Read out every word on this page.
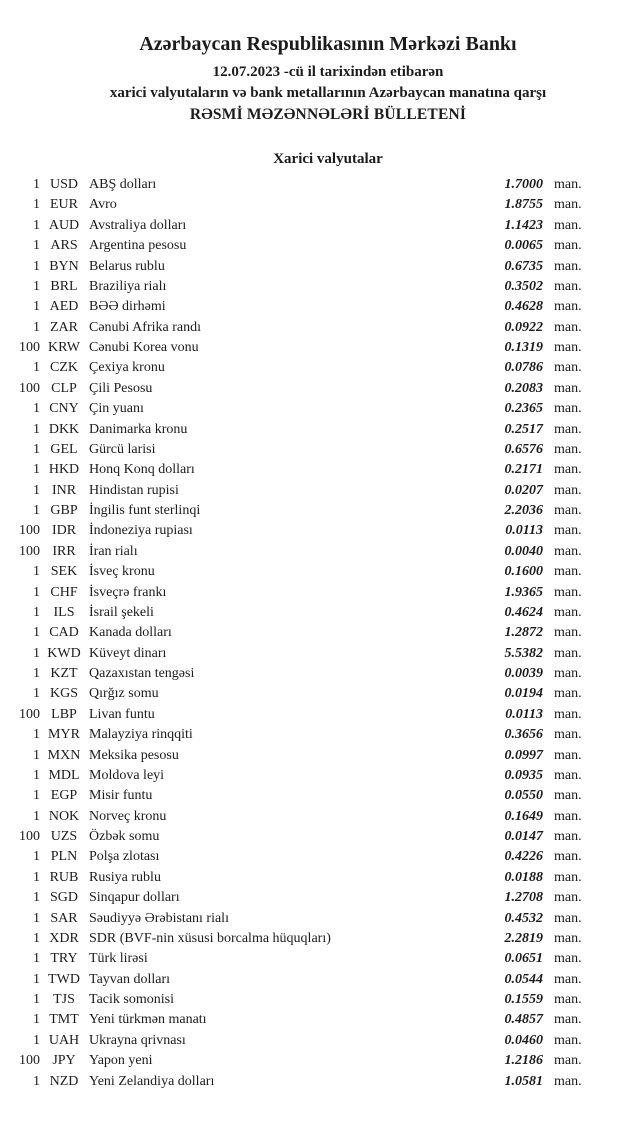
Azərbaycan Respublikasının Mərkəzi Bankı
12.07.2023 -cü il tarixindən etibarən
xarici valyutaların və bank metallarının Azərbaycan manatına qarşı
RƏSMİ MƏZƏNNƏLƏRİ BÜLLETENİ
Xarici valyutalar
1 USD ABŞ dolları	1.7000 man.
1 EUR Avro	1.8755 man.
1 AUD Avstraliya dolları	1.1423 man.
1 ARS Argentina pesosu	0.0065 man.
1 BYN Belarus rublu	0.6735 man.
1 BRL Braziliya rialı	0.3502 man.
1 AED BƏƏ dirhəmi	0.4628 man.
1 ZAR Cənubi Afrika randı	0.0922 man.
100 KRW Cənubi Korea vonu	0.1319 man.
1 CZK Çexiya kronu	0.0786 man.
100 CLP Çili Pesosu	0.2083 man.
1 CNY Çin yuanı	0.2365 man.
1 DKK Danimarka kronu	0.2517 man.
1 GEL Gürcü larisi	0.6576 man.
1 HKD Honq Konq dolları	0.2171 man.
1 INR Hindistan rupisi	0.0207 man.
1 GBP İngilis funt sterlinqi	2.2036 man.
100 IDR İndoneziya rupiası	0.0113 man.
100 IRR İran rialı	0.0040 man.
1 SEK İsveç kronu	0.1600 man.
1 CHF İsveçrə frankı	1.9365 man.
1 ILS	İsrail şekeli	0.4624 man.
1 CAD Kanada dolları	1.2872 man.
1 KWD Küveyt dinarı	5.5382 man.
1 KZT Qazaxıstan tengəsi	0.0039 man.
1 KGS Qırğız somu	0.0194 man.
100 LBP Livan funtu	0.0113 man.
1 MYR Malayziya rinqqiti	0.3656 man.
1 MXN Meksika pesosu	0.0997 man.
1 MDL Moldova leyi	0.0935 man.
1 EGP Misir funtu	0.0550 man.
1 NOK Norveç kronu	0.1649 man.
100 UZS Özbək somu	0.0147 man.
1 PLN Polşa zlotası	0.4226 man.
1 RUB Rusiya rublu	0.0188 man.
1 SGD Sinqapur dolları	1.2708 man.
1 SAR Səudiyyə Ərəbistanı rialı	0.4532 man.
1 XDR SDR (BVF-nin xüsusi borcalma hüquqları)	2.2819 man.
1 TRY Türk lirəsi	0.0651 man.
1 TWD Tayvan dolları	0.0544 man.
1 TJS	Tacik somonisi	0.1559 man.
1 TMT Yeni türkmən manatı	0.4857 man.
1 UAH Ukrayna qrivnası	0.0460 man.
100 JPY Yapon yeni	1.2186 man.
1 NZD Yeni Zelandiya dolları	1.0581 man.
